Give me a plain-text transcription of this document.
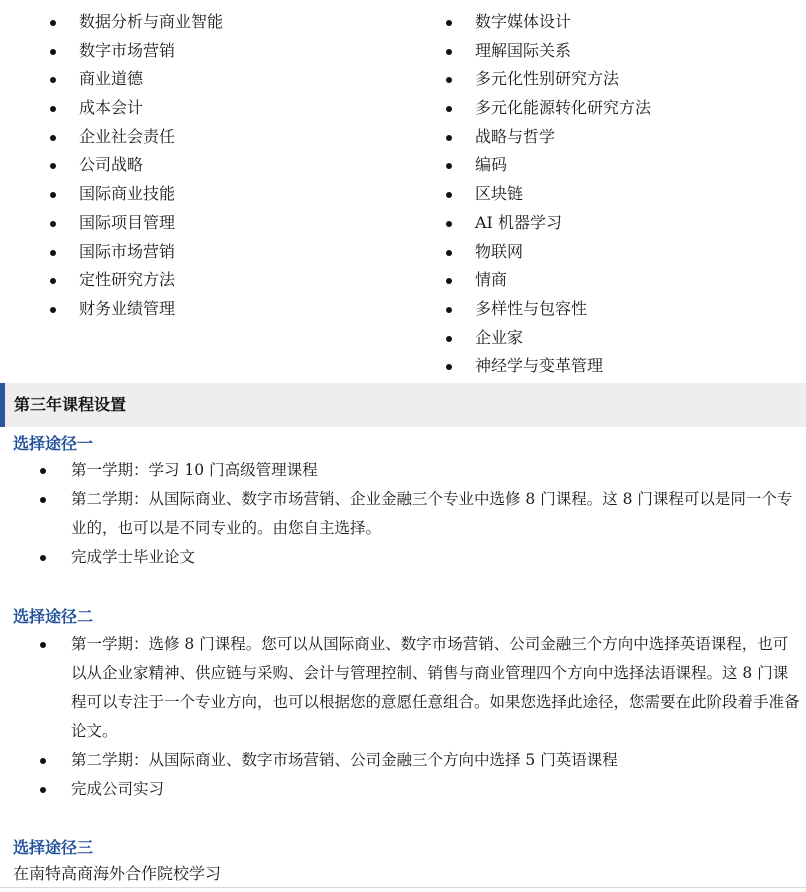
数据分析与商业智能
数字市场营销
商业道德
成本会计
企业社会责任
公司战略
国际商业技能
国际项目管理
国际市场营销
定性研究方法
财务业绩管理
数字媒体设计
理解国际关系
多元化性别研究方法
多元化能源转化研究方法
战略与哲学
编码
区块链
AI 机器学习
物联网
情商
多样性与包容性
企业家
神经学与变革管理
第三年课程设置
选择途径一
第一学期：学习 10 门高级管理课程
第二学期：从国际商业、数字市场营销、企业金融三个专业中选修 8 门课程。这 8 门课程可以是同一个专业的，也可以是不同专业的。由您自主选择。
完成学士毕业论文
选择途径二
第一学期：选修 8 门课程。您可以从国际商业、数字市场营销、公司金融三个方向中选择英语课程，也可以从企业家精神、供应链与采购、会计与管理控制、销售与商业管理四个方向中选择法语课程。这 8 门课程可以专注于一个专业方向，也可以根据您的意愿任意组合。如果您选择此途径，您需要在此阶段着手准备论文。
第二学期：从国际商业、数字市场营销、公司金融三个方向中选择 5 门英语课程
完成公司实习
选择途径三
在南特高商海外合作院校学习
